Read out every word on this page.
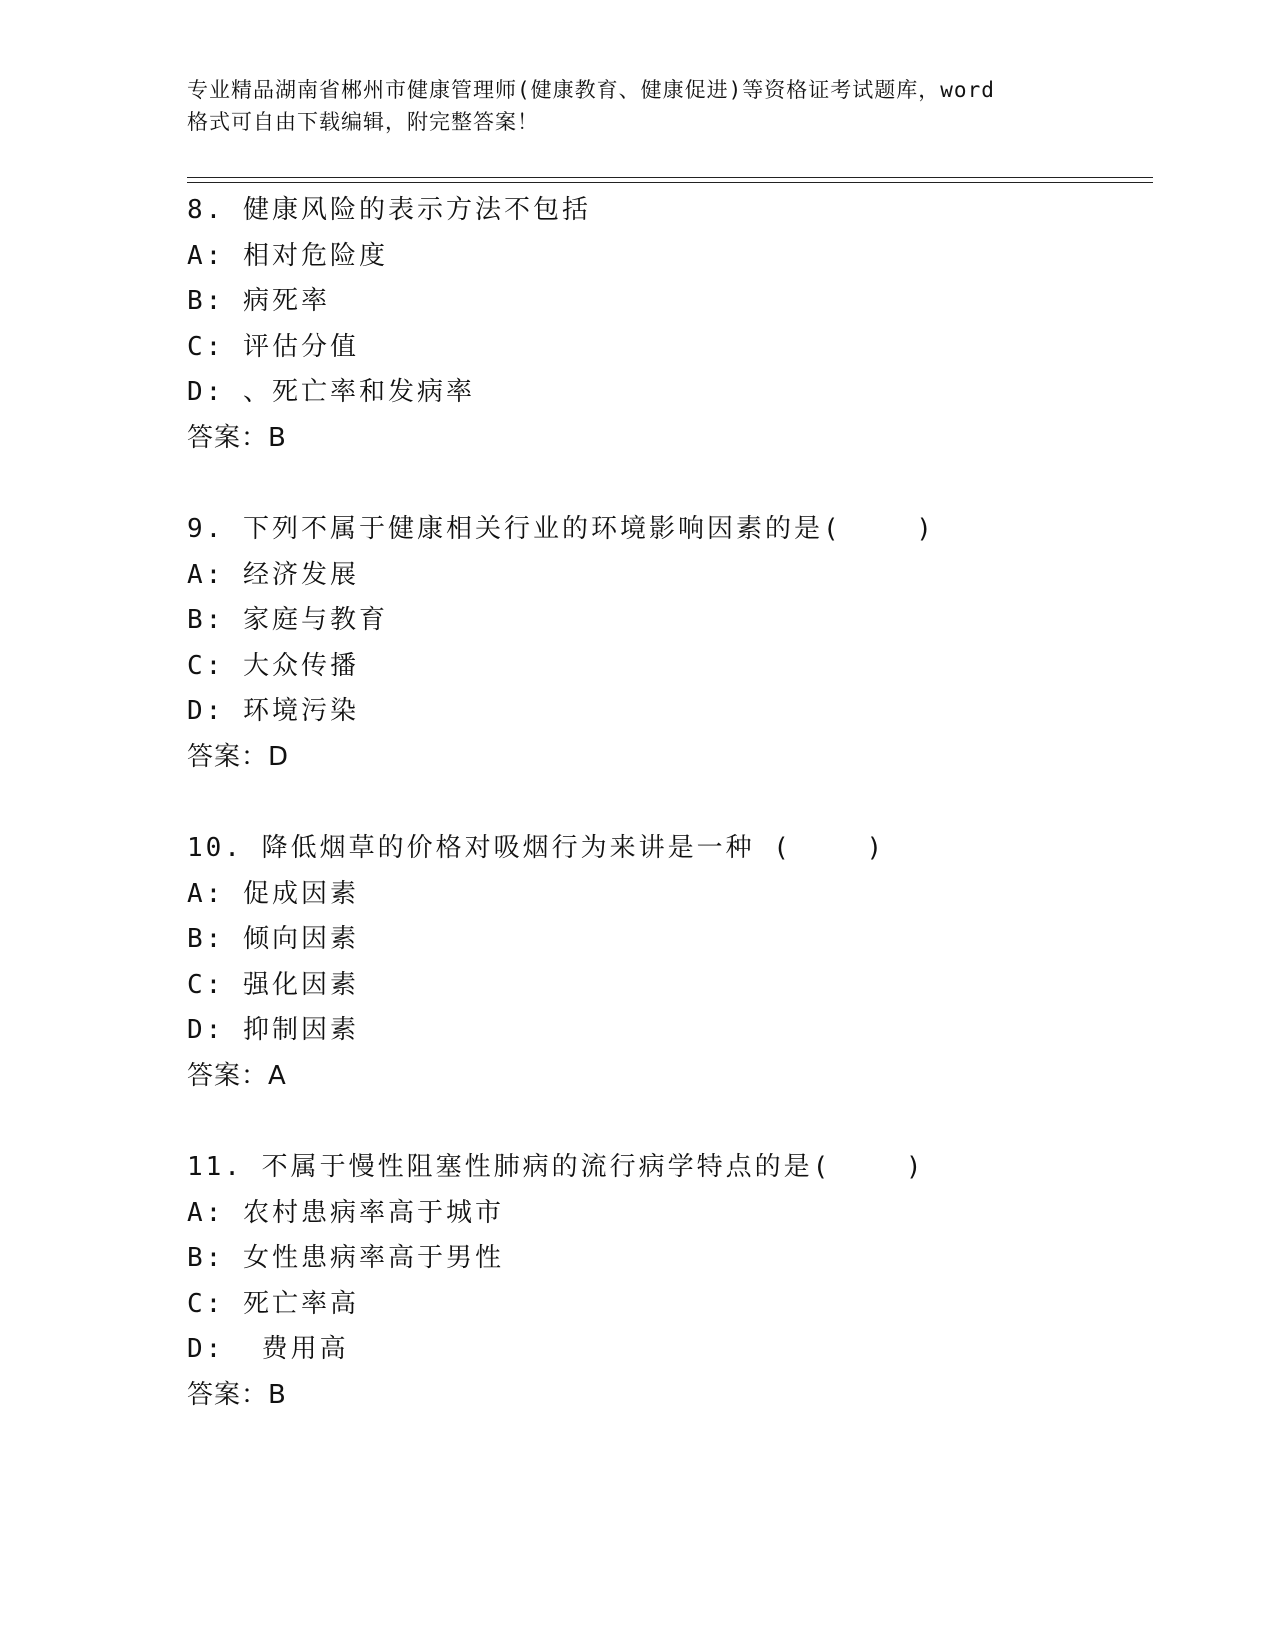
专业精品湖南省郴州市健康管理师(健康教育、健康促进)等资格证考试题库，word
格式可自由下载编辑，附完整答案！
8. 健康风险的表示方法不包括
A: 相对危险度
B: 病死率
C: 评估分值
D: 、死亡率和发病率
答案：B
9. 下列不属于健康相关行业的环境影响因素的是(    )
A: 经济发展
B: 家庭与教育
C: 大众传播
D: 环境污染
答案：D
10. 降低烟草的价格对吸烟行为来讲是一种 (    )
A: 促成因素
B: 倾向因素
C: 强化因素
D: 抑制因素
答案：A
11. 不属于慢性阻塞性肺病的流行病学特点的是(    )
A: 农村患病率高于城市
B: 女性患病率高于男性
C: 死亡率高
D:  费用高
答案：B
